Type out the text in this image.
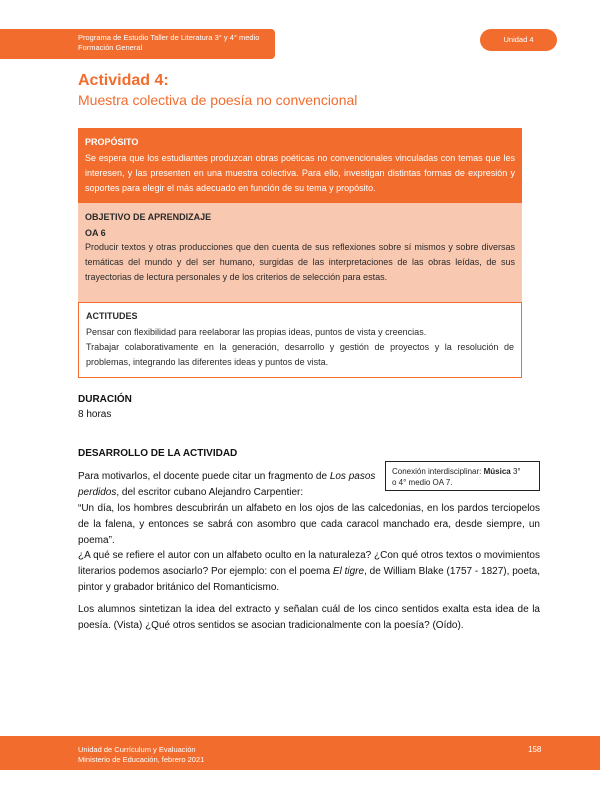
Programa de Estudio Taller de Literatura 3° y 4° medio
Formación General
Unidad 4
Actividad 4:
Muestra colectiva de poesía no convencional
PROPÓSITO
Se espera que los estudiantes produzcan obras poéticas no convencionales vinculadas con temas que les interesen, y las presenten en una muestra colectiva. Para ello, investigan distintas formas de expresión y soportes para elegir el más adecuado en función de su tema y propósito.
OBJETIVO DE APRENDIZAJE
OA 6
Producir textos y otras producciones que den cuenta de sus reflexiones sobre sí mismos y sobre diversas temáticas del mundo y del ser humano, surgidas de las interpretaciones de las obras leídas, de sus trayectorias de lectura personales y de los criterios de selección para estas.
ACTITUDES
Pensar con flexibilidad para reelaborar las propias ideas, puntos de vista y creencias.
Trabajar colaborativamente en la generación, desarrollo y gestión de proyectos y la resolución de problemas, integrando las diferentes ideas y puntos de vista.
DURACIÓN
8 horas
DESARROLLO DE LA ACTIVIDAD
Conexión interdisciplinar: Música 3°
o 4° medio OA 7.

Para motivarlos, el docente puede citar un fragmento de Los pasos perdidos, del escritor cubano Alejandro Carpentier:

“Un día, los hombres descubrirán un alfabeto en los ojos de las calcedonias, en los pardos terciopelos de la falena, y entonces se sabrá con asombro que cada caracol manchado era, desde siempre, un poema”.

¿A qué se refiere el autor con un alfabeto oculto en la naturaleza? ¿Con qué otros textos o movimientos literarios podemos asociarlo? Por ejemplo: con el poema El tigre, de William Blake (1757 - 1827), poeta, pintor y grabador británico del Romanticismo.

Los alumnos sintetizan la idea del extracto y señalan cuál de los cinco sentidos exalta esta idea de la poesía. (Vista) ¿Qué otros sentidos se asocian tradicionalmente con la poesía? (Oído).

Unidad de Currículum y Evaluación
Ministerio de Educación, febrero 2021
158
